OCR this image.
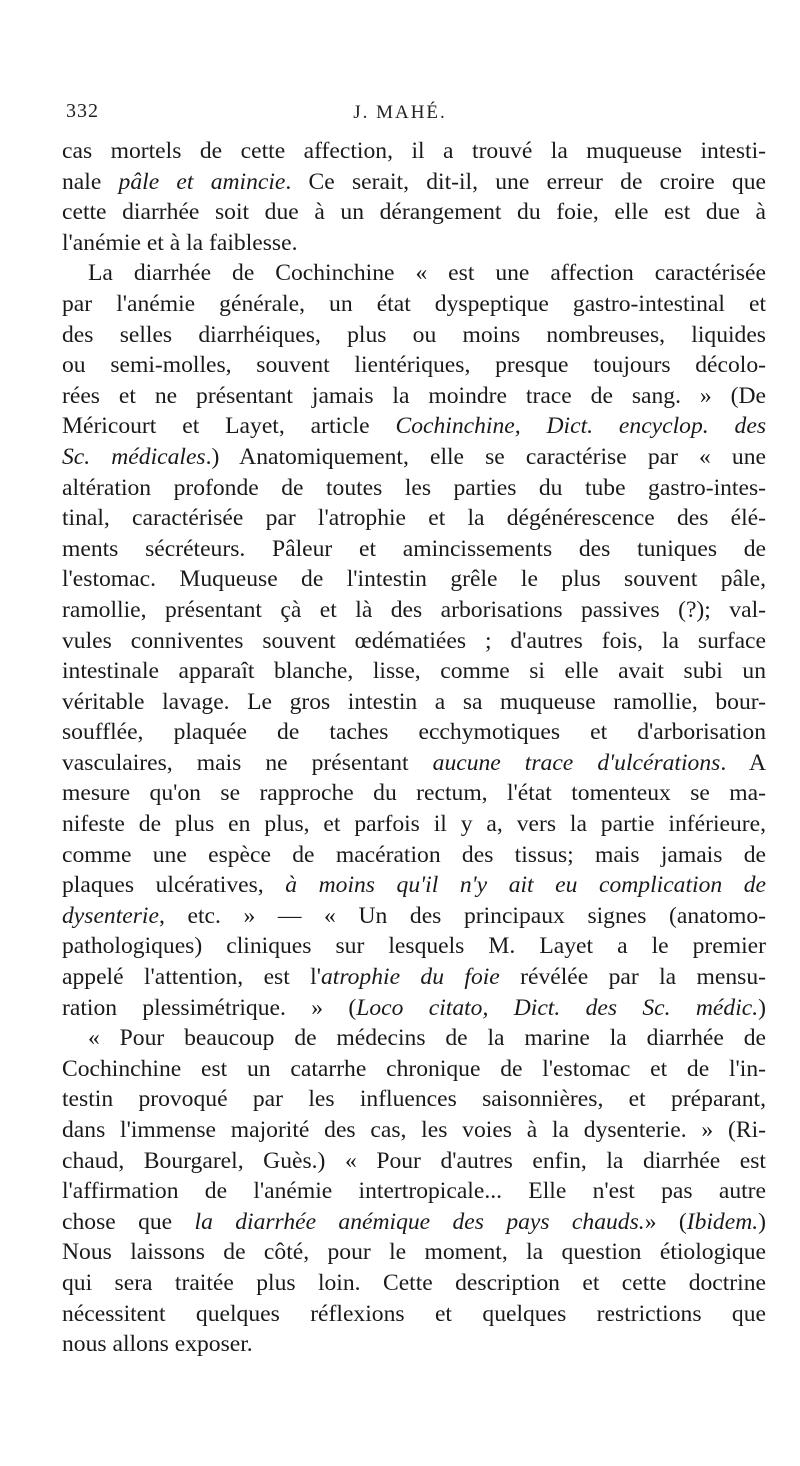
332	J. MAHÉ.
cas mortels de cette affection, il a trouvé la muqueuse intesti-
nale pâle et amincie. Ce serait, dit-il, une erreur de croire que
cette diarrhée soit due à un dérangement du foie, elle est due à
l'anémie et à la faiblesse.
La diarrhée de Cochinchine « est une affection caractérisée
par l'anémie générale, un état dyspeptique gastro-intestinal et
des selles diarrhéiques, plus ou moins nombreuses, liquides
ou semi-molles, souvent lientériques, presque toujours décolo-
rées et ne présentant jamais la moindre trace de sang. » (De
Méricourt et Layet, article Cochinchine, Dict. encyclop. des
Sc. médicales.) Anatomiquement, elle se caractérise par « une
altération profonde de toutes les parties du tube gastro-intes-
tinal, caractérisée par l'atrophie et la dégénérescence des élé-
ments sécréteurs. Pâleur et amincissements des tuniques de
l'estomac. Muqueuse de l'intestin grêle le plus souvent pâle,
ramollie, présentant çà et là des arborisations passives (?); val-
vules conniventes souvent œdématiées ; d'autres fois, la surface
intestinale apparaît blanche, lisse, comme si elle avait subi un
véritable lavage. Le gros intestin a sa muqueuse ramollie, bour-
soufflée, plaquée de taches ecchymotiques et d'arborisation
vasculaires, mais ne présentant aucune trace d'ulcérations. A
mesure qu'on se rapproche du rectum, l'état tomenteux se ma-
nifeste de plus en plus, et parfois il y a, vers la partie inférieure,
comme une espèce de macération des tissus; mais jamais de
plaques ulcératives, à moins qu'il n'y ait eu complication de
dysenterie, etc. » — « Un des principaux signes (anatomo-
pathologiques) cliniques sur lesquels M. Layet a le premier
appelé l'attention, est l'atrophie du foie révélée par la mensu-
ration plessimétrique. » (Loco citato, Dict. des Sc. médic.)
« Pour beaucoup de médecins de la marine la diarrhée de
Cochinchine est un catarrhe chronique de l'estomac et de l'in-
testin provoqué par les influences saisonnières, et préparant,
dans l'immense majorité des cas, les voies à la dysenterie. » (Ri-
chaud, Bourgarel, Guès.) « Pour d'autres enfin, la diarrhée est
l'affirmation de l'anémie intertropicale... Elle n'est pas autre
chose que la diarrhée anémique des pays chauds.» (Ibidem.)
Nous laissons de côté, pour le moment, la question étiologique
qui sera traitée plus loin. Cette description et cette doctrine
nécessitent quelques réflexions et quelques restrictions que
nous allons exposer.
